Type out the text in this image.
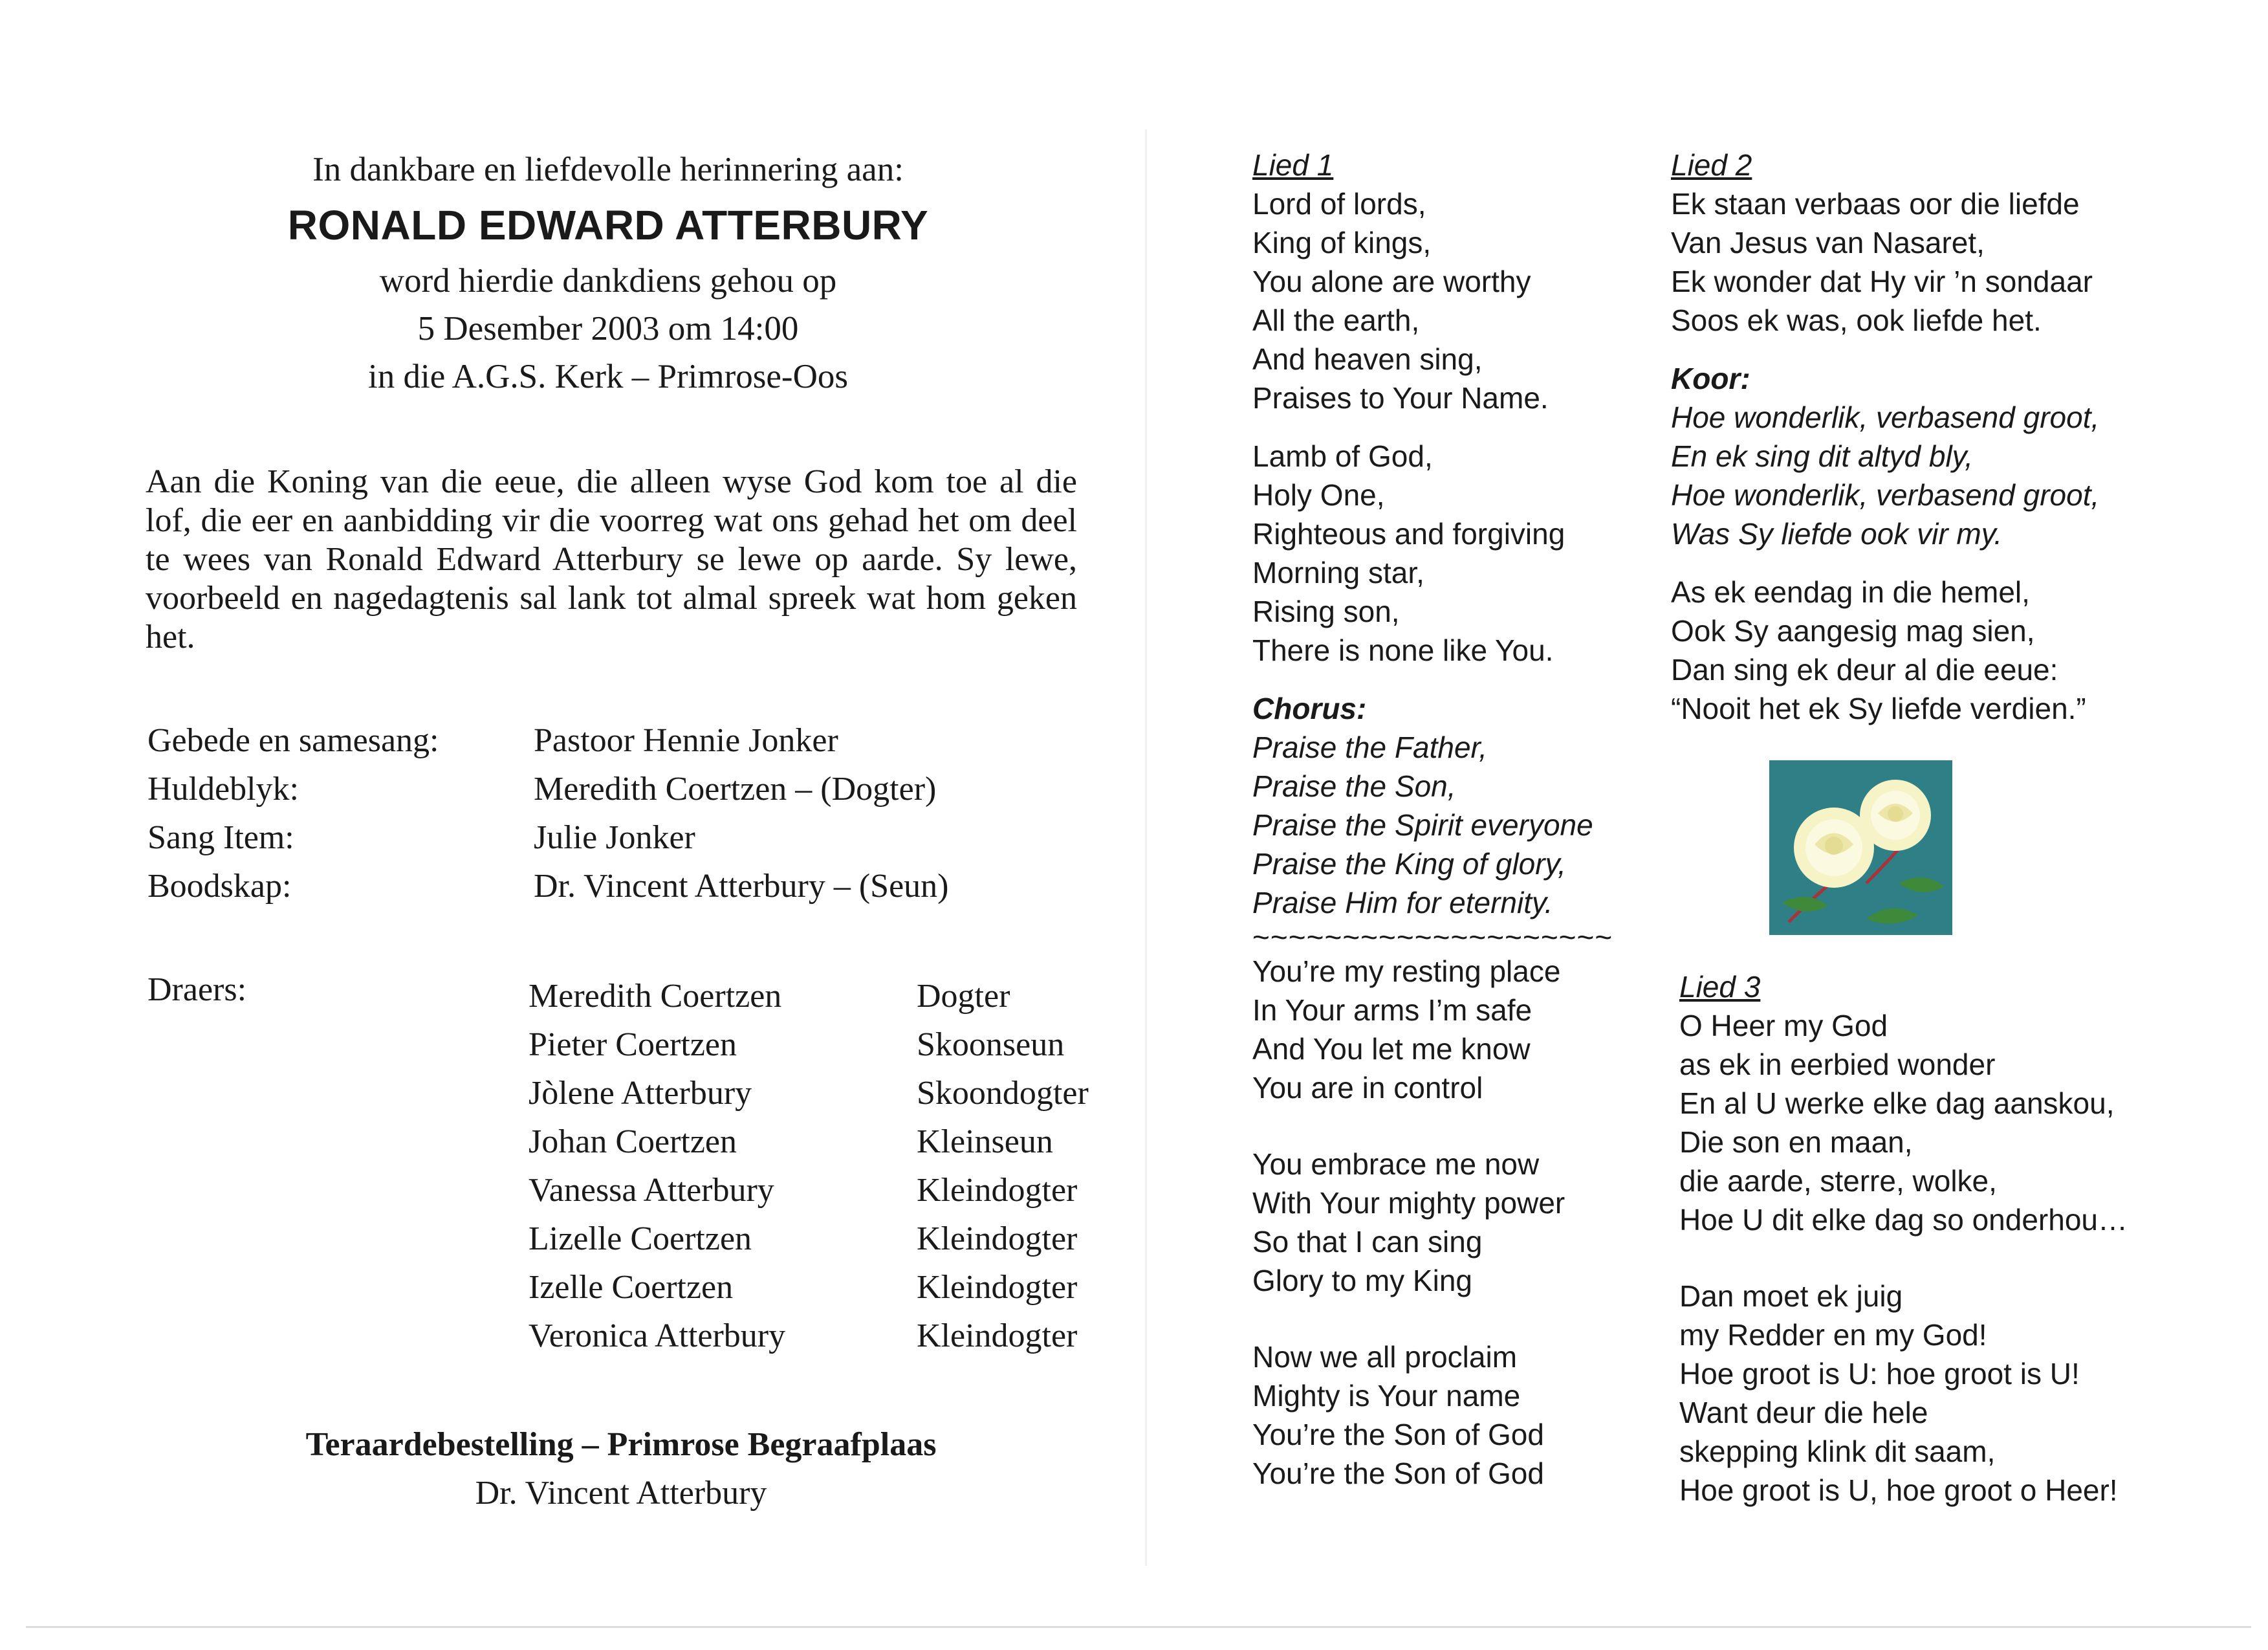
In dankbare en liefdevolle herinnering aan:
RONALD EDWARD ATTERBURY
word hierdie dankdiens gehou op
5 Desember 2003 om 14:00
in die A.G.S. Kerk – Primrose-Oos
Aan die Koning van die eeue, die alleen wyse God kom toe al die lof, die eer en aanbidding vir die voorreg wat ons gehad het om deel te wees van Ronald Edward Atterbury se lewe op aarde. Sy lewe, voorbeeld en nagedagtenis sal lank tot almal spreek wat hom geken het.
Gebede en samesang:	Pastoor Hennie Jonker
Huldeblyk:	Meredith Coertzen – (Dogter)
Sang Item:	Julie Jonker
Boodskap:	Dr. Vincent Atterbury – (Seun)
Draers:	Meredith Coertzen	Dogter
Pieter Coertzen	Skoonseun
Jòlene Atterbury	Skoondogter
Johan Coertzen	Kleinseun
Vanessa Atterbury	Kleindogter
Lizelle Coertzen	Kleindogter
Izelle Coertzen	Kleindogter
Veronica Atterbury	Kleindogter
Teraardebestelling – Primrose Begraafplaas
Dr. Vincent Atterbury
Lied 1
Lord of lords,
King of kings,
You alone are worthy
All the earth,
And heaven sing,
Praises to Your Name.
Lamb of God,
Holy One,
Righteous and forgiving
Morning star,
Rising son,
There is none like You.
Chorus:
Praise the Father,
Praise the Son,
Praise the Spirit everyone
Praise the King of glory,
Praise Him for eternity.
~~~~~~~~~~~~~~~~~~~~
You’re my resting place
In Your arms I’m safe
And You let me know
You are in control
You embrace me now
With Your mighty power
So that I can sing
Glory to my King
Now we all proclaim
Mighty is Your name
You’re the Son of God
You’re the Son of God
Lied 2
Ek staan verbaas oor die liefde
Van Jesus van Nasaret,
Ek wonder dat Hy vir ’n sondaar
Soos ek was, ook liefde het.
Koor:
Hoe wonderlik, verbasend groot,
En ek sing dit altyd bly,
Hoe wonderlik, verbasend groot,
Was Sy liefde ook vir my.
As ek eendag in die hemel,
Ook Sy aangesig mag sien,
Dan sing ek deur al die eeue:
“Nooit het ek Sy liefde verdien.”
Lied 3
O Heer my God
as ek in eerbied wonder
En al U werke elke dag aanskou,
Die son en maan,
die aarde, sterre, wolke,
Hoe U dit elke dag so onderhou…
Dan moet ek juig
my Redder en my God!
Hoe groot is U: hoe groot is U!
Want deur die hele
skepping klink dit saam,
Hoe groot is U, hoe groot o Heer!
